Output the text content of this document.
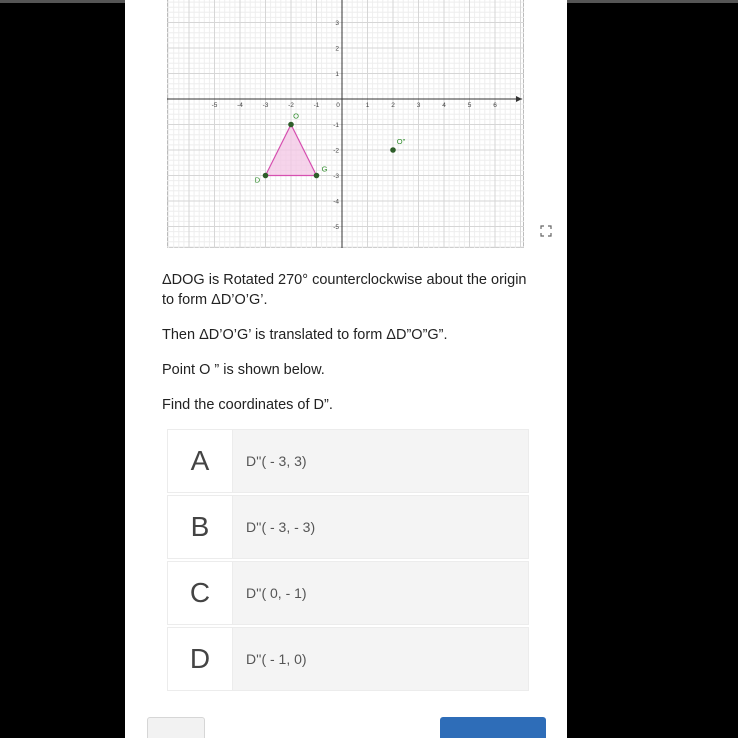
-5	-4	-3	-2	-1	0	1	2	3	4	5	6
3
2
1
-1
-2
-3
-4
-5
O
D
G
O"

ΔDOG is Rotated 270° counterclockwise about the origin to form ΔD’O’G’.

Then ΔD’O’G’ is translated to form ΔD”O”G”.

Point O ” is shown below.

Find the coordinates of D”.

A	D''( - 3, 3)
B	D''( - 3, - 3)
C	D''( 0, - 1)
D	D''( - 1, 0)
